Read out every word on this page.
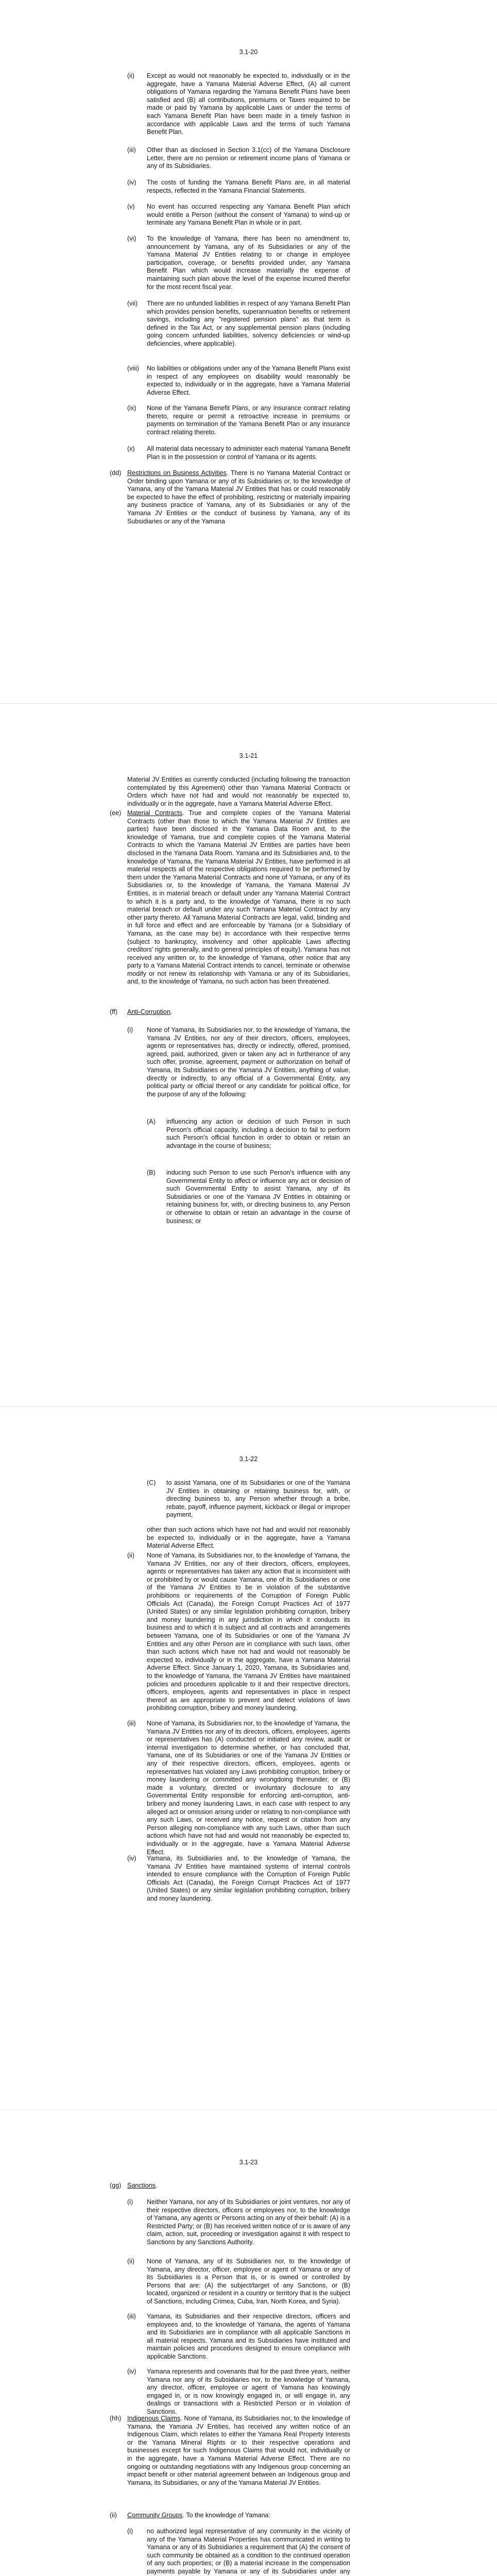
3.1-20
(ii) Except as would not reasonably be expected to, individually or in the aggregate, have a Yamana Material Adverse Effect, (A) all current obligations of Yamana regarding the Yamana Benefit Plans have been satisfied and (B) all contributions, premiums or Taxes required to be made or paid by Yamana by applicable Laws or under the terms of each Yamana Benefit Plan have been made in a timely fashion in accordance with applicable Laws and the terms of such Yamana Benefit Plan.
(iii) Other than as disclosed in Section 3.1(cc) of the Yamana Disclosure Letter, there are no pension or retirement income plans of Yamana or any of its Subsidiaries.
(iv) The costs of funding the Yamana Benefit Plans are, in all material respects, reflected in the Yamana Financial Statements.
(v) No event has occurred respecting any Yamana Benefit Plan which would entitle a Person (without the consent of Yamana) to wind-up or terminate any Yamana Benefit Plan in whole or in part.
(vi) To the knowledge of Yamana, there has been no amendment to, announcement by Yamana, any of its Subsidiaries or any of the Yamana Material JV Entities relating to or change in employee participation, coverage, or benefits provided under, any Yamana Benefit Plan which would increase materially the expense of maintaining such plan above the level of the expense incurred therefor for the most recent fiscal year.
(vii) There are no unfunded liabilities in respect of any Yamana Benefit Plan which provides pension benefits, superannuation benefits or retirement savings, including any "registered pension plans" as that term is defined in the Tax Act, or any supplemental pension plans (including going concern unfunded liabilities, solvency deficiencies or wind-up deficiencies, where applicable).
(viii) No liabilities or obligations under any of the Yamana Benefit Plans exist in respect of any employees on disability would reasonably be expected to, individually or in the aggregate, have a Yamana Material Adverse Effect.
(ix) None of the Yamana Benefit Plans, or any insurance contract relating thereto, require or permit a retroactive increase in premiums or payments on termination of the Yamana Benefit Plan or any insurance contract relating thereto.
(x) All material data necessary to administer each material Yamana Benefit Plan is in the possession or control of Yamana or its agents.
(dd) Restrictions on Business Activities. There is no Yamana Material Contract or Order binding upon Yamana or any of its Subsidiaries or, to the knowledge of Yamana, any of the Yamana Material JV Entities that has or could reasonably be expected to have the effect of prohibiting, restricting or materially impairing any business practice of Yamana, any of its Subsidiaries or any of the Yamana JV Entities or the conduct of business by Yamana, any of its Subsidiaries or any of the Yamana
3.1-21
Material JV Entities as currently conducted (including following the transaction contemplated by this Agreement) other than Yamana Material Contracts or Orders which have not had and would not reasonably be expected to, individually or in the aggregate, have a Yamana Material Adverse Effect.
(ee) Material Contracts. True and complete copies of the Yamana Material Contracts (other than those to which the Yamana Material JV Entities are parties) have been disclosed in the Yamana Data Room and, to the knowledge of Yamana, true and complete copies of the Yamana Material Contracts to which the Yamana Material JV Entities are parties have been disclosed in the Yamana Data Room. Yamana and its Subsidiaries and, to the knowledge of Yamana, the Yamana Material JV Entities, have performed in all material respects all of the respective obligations required to be performed by them under the Yamana Material Contracts and none of Yamana, or any of its Subsidiaries or, to the knowledge of Yamana, the Yamana Material JV Entities, is in material breach or default under any Yamana Material Contract to which it is a party and, to the knowledge of Yamana, there is no such material breach or default under any such Yamana Material Contract by any other party thereto. All Yamana Material Contracts are legal, valid, binding and in full force and effect and are enforceable by Yamana (or a Subsidiary of Yamana, as the case may be) in accordance with their respective terms (subject to bankruptcy, insolvency and other applicable Laws affecting creditors' rights generally, and to general principles of equity). Yamana has not received any written or, to the knowledge of Yamana, other notice that any party to a Yamana Material Contract intends to cancel, terminate or otherwise modify or not renew its relationship with Yamana or any of its Subsidiaries, and, to the knowledge of Yamana, no such action has been threatened.
(ff) Anti-Corruption.
(i) None of Yamana, its Subsidiaries nor, to the knowledge of Yamana, the Yamana JV Entities, nor any of their directors, officers, employees, agents or representatives has, directly or indirectly, offered, promised, agreed, paid, authorized, given or taken any act in furtherance of any such offer, promise, agreement, payment or authorization on behalf of Yamana, its Subsidiaries or the Yamana JV Entities, anything of value, directly or indirectly, to any official of a Governmental Entity, any political party or official thereof or any candidate for political office, for the purpose of any of the following:
(A) influencing any action or decision of such Person in such Person's official capacity, including a decision to fail to perform such Person's official function in order to obtain or retain an advantage in the course of business;
(B) inducing such Person to use such Person's influence with any Governmental Entity to affect or influence any act or decision of such Governmental Entity to assist Yamana, any of its Subsidiaries or one of the Yamana JV Entities in obtaining or retaining business for, with, or directing business to, any Person or otherwise to obtain or retain an advantage in the course of business; or
3.1-22
(C) to assist Yamana, one of its Subsidiaries or one of the Yamana JV Entities in obtaining or retaining business for, with, or directing business to, any Person whether through a bribe, rebate, payoff, influence payment, kickback or illegal or improper payment,
other than such actions which have not had and would not reasonably be expected to, individually or in the aggregate, have a Yamana Material Adverse Effect.
(ii) None of Yamana, its Subsidiaries nor, to the knowledge of Yamana, the Yamana JV Entities, nor any of their directors, officers, employees, agents or representatives has taken any action that is inconsistent with or prohibited by or would cause Yamana, one of its Subsidiaries or one of the Yamana JV Entities to be in violation of the substantive prohibitions or requirements of the Corruption of Foreign Public Officials Act (Canada), the Foreign Corrupt Practices Act of 1977 (United States) or any similar legislation prohibiting corruption, bribery and money laundering in any jurisdiction in which it conducts its business and to which it is subject and all contracts and arrangements between Yamana, one of its Subsidiaries or one of the Yamana JV Entities and any other Person are in compliance with such laws, other than such actions which have not had and would not reasonably be expected to, individually or in the aggregate, have a Yamana Material Adverse Effect. Since January 1, 2020, Yamana, its Subsidiaries and, to the knowledge of Yamana, the Yamana JV Entities have maintained policies and procedures applicable to it and their respective directors, officers, employees, agents and representatives in place in respect thereof as are appropriate to prevent and detect violations of laws prohibiting corruption, bribery and money laundering.
(iii) None of Yamana, its Subsidiaries nor, to the knowledge of Yamana, the Yamana JV Entities nor any of its directors, officers, employees, agents or representatives has (A) conducted or initiated any review, audit or internal investigation to determine whether, or has concluded that, Yamana, one of its Subsidiaries or one of the Yamana JV Entities or any of their respective directors, officers, employees, agents or representatives has violated any Laws prohibiting corruption, bribery or money laundering or committed any wrongdoing thereunder, or (B) made a voluntary, directed or involuntary disclosure to any Governmental Entity responsible for enforcing anti-corruption, anti-bribery and money laundering Laws, in each case with respect to any alleged act or omission arising under or relating to non-compliance with any such Laws, or received any notice, request or citation from any Person alleging non-compliance with any such Laws, other than such actions which have not had and would not reasonably be expected to, individually or in the aggregate, have a Yamana Material Adverse Effect.
(iv) Yamana, its Subsidiaries and, to the knowledge of Yamana, the Yamana JV Entities have maintained systems of internal controls intended to ensure compliance with the Corruption of Foreign Public Officials Act (Canada), the Foreign Corrupt Practices Act of 1977 (United States) or any similar legislation prohibiting corruption, bribery and money laundering.
3.1-23
(gg) Sanctions.
(i) Neither Yamana, nor any of its Subsidiaries or joint ventures, nor any of their respective directors, officers or employees nor, to the knowledge of Yamana, any agents or Persons acting on any of their behalf: (A) is a Restricted Party; or (B) has received written notice of or is aware of any claim, action, suit, proceeding or investigation against it with respect to Sanctions by any Sanctions Authority.
(ii) None of Yamana, any of its Subsidiaries nor, to the knowledge of Yamana, any director, officer, employee or agent of Yamana or any of its Subsidiaries is a Person that is, or is owned or controlled by Persons that are: (A) the subject/target of any Sanctions, or (B) located, organized or resident in a country or territory that is the subject of Sanctions, including Crimea, Cuba, Iran, North Korea, and Syria).
(iii) Yamana, its Subsidiaries and their respective directors, officers and employees and, to the knowledge of Yamana, the agents of Yamana and its Subsidiaries are in compliance with all applicable Sanctions in all material respects. Yamana and its Subsidiaries have instituted and maintain policies and procedures designed to ensure compliance with applicable Sanctions.
(iv) Yamana represents and covenants that for the past three years, neither Yamana nor any of its Subsidiaries nor, to the knowledge of Yamana, any director, officer, employee or agent of Yamana has knowingly engaged in, or is now knowingly engaged in, or will engage in, any dealings or transactions with a Restricted Person or in violation of Sanctions.
(hh) Indigenous Claims. None of Yamana, its Subsidiaries nor, to the knowledge of Yamana, the Yamana JV Entities, has received any written notice of an Indigenous Claim, which relates to either the Yamana Real Property Interests or the Yamana Mineral Rights or to their respective operations and businesses except for such Indigenous Claims that would not, individually or in the aggregate, have a Yamana Material Adverse Effect. There are no ongoing or outstanding negotiations with any Indigenous group concerning an impact benefit or other material agreement between an Indigenous group and Yamana, its Subsidiaries, or any of the Yamana Material JV Entities.
(ii) Community Groups. To the knowledge of Yamana:
(i) no authorized legal representative of any community in the vicinity of any of the Yamana Material Properties has communicated in writing to Yamana or any of its Subsidiaries a requirement that (A) the consent of such community be obtained as a condition to the continued operation of any such properties; or (B) a material increase in the compensation payments payable by Yamana or any of its Subsidiaries under any
